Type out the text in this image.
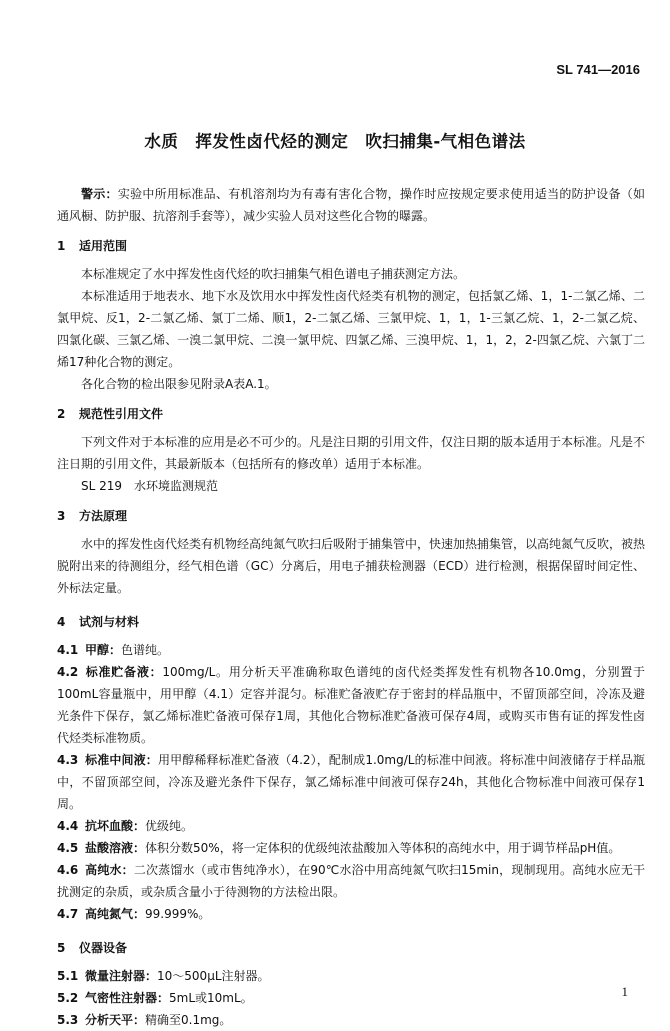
SL 741—2016
水质　挥发性卤代烃的测定　吹扫捕集-气相色谱法

警示：实验中所用标准品、有机溶剂均为有毒有害化合物，操作时应按规定要求使用适当的防护设备（如通风橱、防护服、抗溶剂手套等），减少实验人员对这些化合物的曝露。

1 适用范围

本标准规定了水中挥发性卤代烃的吹扫捕集气相色谱电子捕获测定方法。

本标准适用于地表水、地下水及饮用水中挥发性卤代烃类有机物的测定，包括氯乙烯、1，1-二氯乙烯、二氯甲烷、反1，2-二氯乙烯、氯丁二烯、顺1，2-二氯乙烯、三氯甲烷、1，1，1-三氯乙烷、1，2-二氯乙烷、四氯化碳、三氯乙烯、一溴二氯甲烷、二溴一氯甲烷、四氯乙烯、三溴甲烷、1，1，2，2-四氯乙烷、六氯丁二烯17种化合物的测定。

各化合物的检出限参见附录A表A.1。

2 规范性引用文件

下列文件对于本标准的应用是必不可少的。凡是注日期的引用文件，仅注日期的版本适用于本标准。凡是不注日期的引用文件，其最新版本（包括所有的修改单）适用于本标准。

SL 219　水环境监测规范

3 方法原理

水中的挥发性卤代烃类有机物经高纯氮气吹扫后吸附于捕集管中，快速加热捕集管，以高纯氮气反吹，被热脱附出来的待测组分，经气相色谱（GC）分离后，用电子捕获检测器（ECD）进行检测，根据保留时间定性、外标法定量。

4 试剂与材料

4.1 甲醇：色谱纯。

4.2 标准贮备液：100mg/L。用分析天平准确称取色谱纯的卤代烃类挥发性有机物各10.0mg，分别置于100mL容量瓶中，用甲醇（4.1）定容并混匀。标准贮备液贮存于密封的样品瓶中，不留顶部空间，冷冻及避光条件下保存，氯乙烯标准贮备液可保存1周，其他化合物标准贮备液可保存4周，或购买市售有证的挥发性卤代烃类标准物质。

4.3 标准中间液：用甲醇稀释标准贮备液（4.2），配制成1.0mg/L的标准中间液。将标准中间液储存于样品瓶中，不留顶部空间，冷冻及避光条件下保存，氯乙烯标准中间液可保存24h，其他化合物标准中间液可保存1周。

4.4 抗坏血酸：优级纯。

4.5 盐酸溶液：体积分数50%，将一定体积的优级纯浓盐酸加入等体积的高纯水中，用于调节样品pH值。

4.6 高纯水：二次蒸馏水（或市售纯净水），在90℃水浴中用高纯氮气吹扫15min，现制现用。高纯水应无干扰测定的杂质，或杂质含量小于待测物的方法检出限。

4.7 高纯氮气：99.999%。

5 仪器设备

5.1 微量注射器：10～500μL注射器。

5.2 气密性注射器：5mL或10mL。

5.3 分析天平：精确至0.1mg。

1
